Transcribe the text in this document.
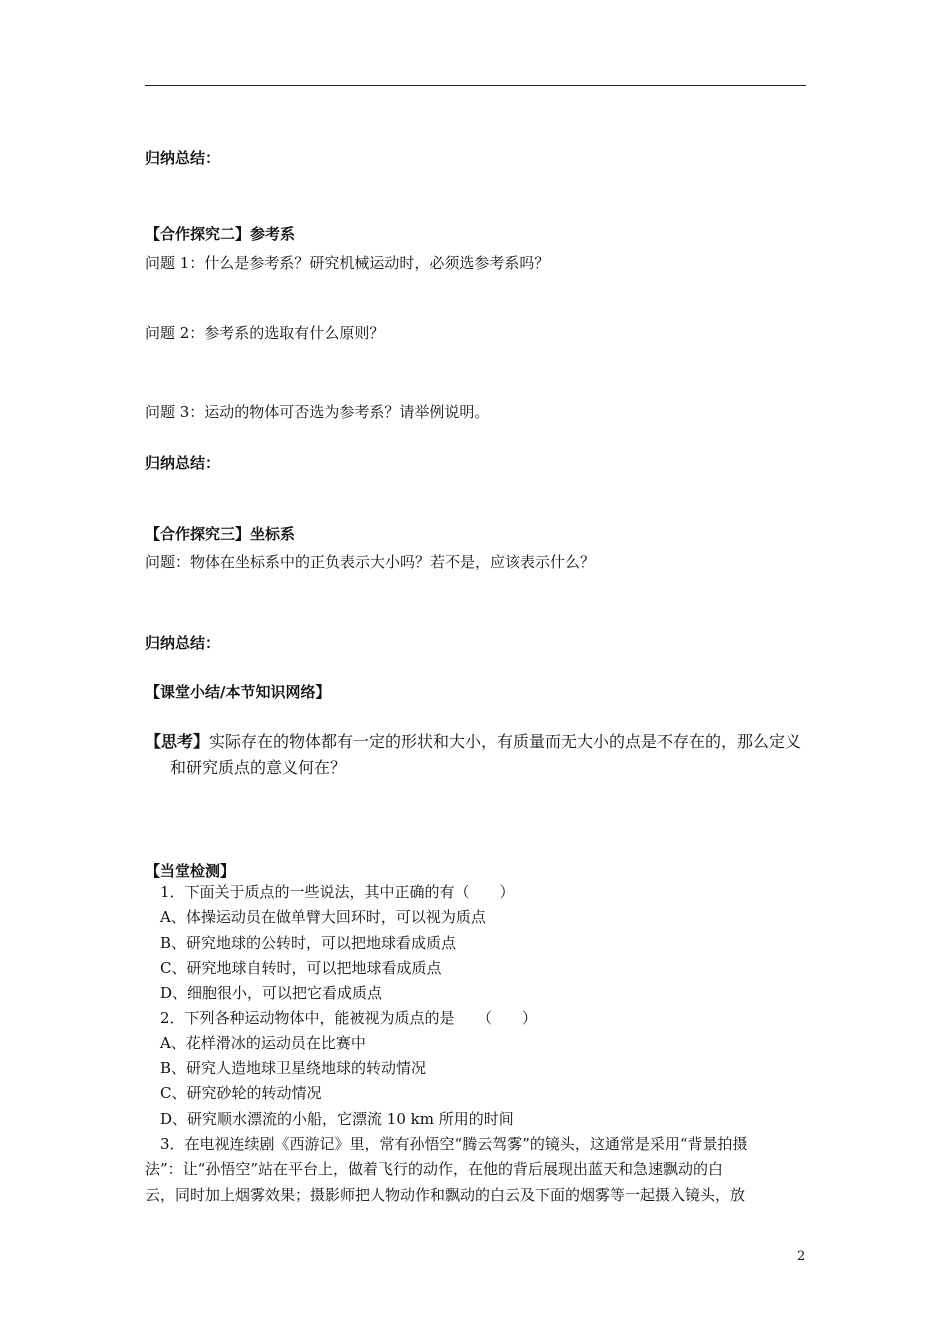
归纳总结：
【合作探究二】参考系
问题 1：什么是参考系？研究机械运动时，必须选参考系吗？
问题 2：参考系的选取有什么原则？
问题 3：运动的物体可否选为参考系？请举例说明。
归纳总结：
【合作探究三】坐标系
问题：物体在坐标系中的正负表示大小吗？若不是，应该表示什么？
归纳总结：
【课堂小结/本节知识网络】
【思考】实际存在的物体都有一定的形状和大小，有质量而无大小的点是不存在的，那么定义
和研究质点的意义何在？
【当堂检测】
1．下面关于质点的一些说法，其中正确的有（　　）
A、体操运动员在做单臂大回环时，可以视为质点
B、研究地球的公转时，可以把地球看成质点
C、研究地球自转时，可以把地球看成质点
D、细胞很小，可以把它看成质点
2．下列各种运动物体中，能被视为质点的是　　（　　）
A、花样滑冰的运动员在比赛中
B、研究人造地球卫星绕地球的转动情况
C、研究砂轮的转动情况
D、研究顺水漂流的小船，它漂流 10 km 所用的时间
3．在电视连续剧《西游记》里，常有孙悟空“腾云驾雾”的镜头，这通常是采用“背景拍摄
法”：让“孙悟空”站在平台上，做着飞行的动作，在他的背后展现出蓝天和急速飘动的白
云，同时加上烟雾效果；摄影师把人物动作和飘动的白云及下面的烟雾等一起摄入镜头，放
2
